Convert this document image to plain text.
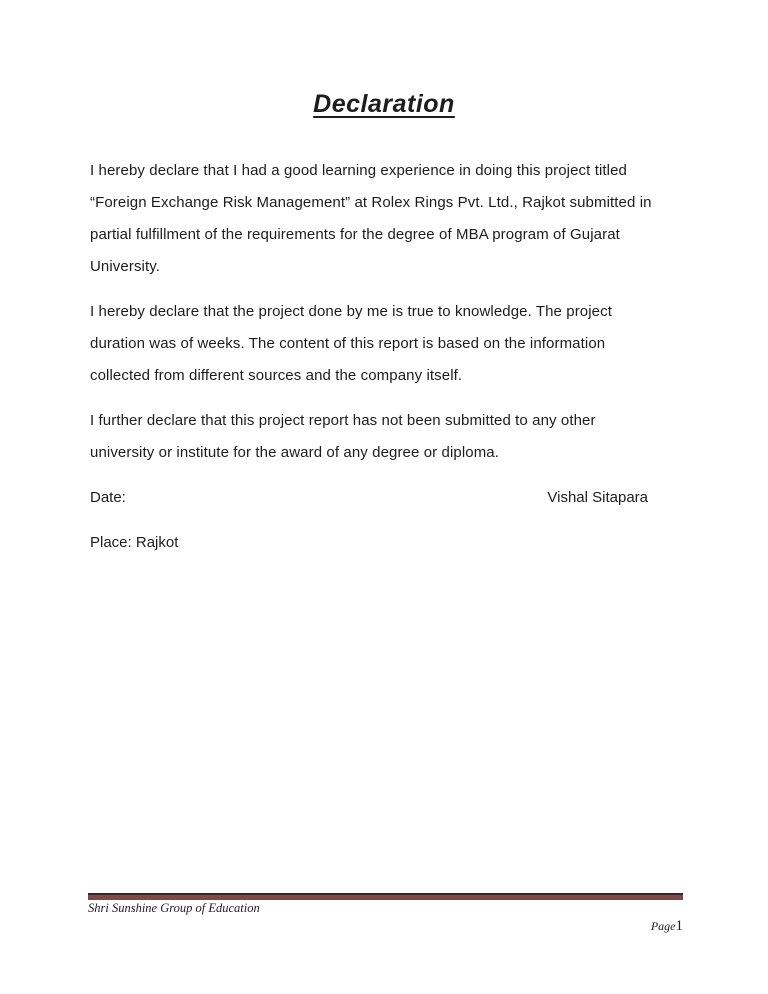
Declaration

I hereby declare that I had a good learning experience in doing this project titled
“Foreign Exchange Risk Management” at Rolex Rings Pvt. Ltd., Rajkot submitted in
partial fulfillment of the requirements for the degree of MBA program of Gujarat
University.

I hereby declare that the project done by me is true to knowledge. The project
duration was of weeks. The content of this report is based on the information
collected from different sources and the company itself.

I further declare that this project report has not been submitted to any other
university or institute for the award of any degree or diploma.

Date:	Vishal Sitapara
Place: Rajkot
Shri Sunshine Group of Education
Page1
